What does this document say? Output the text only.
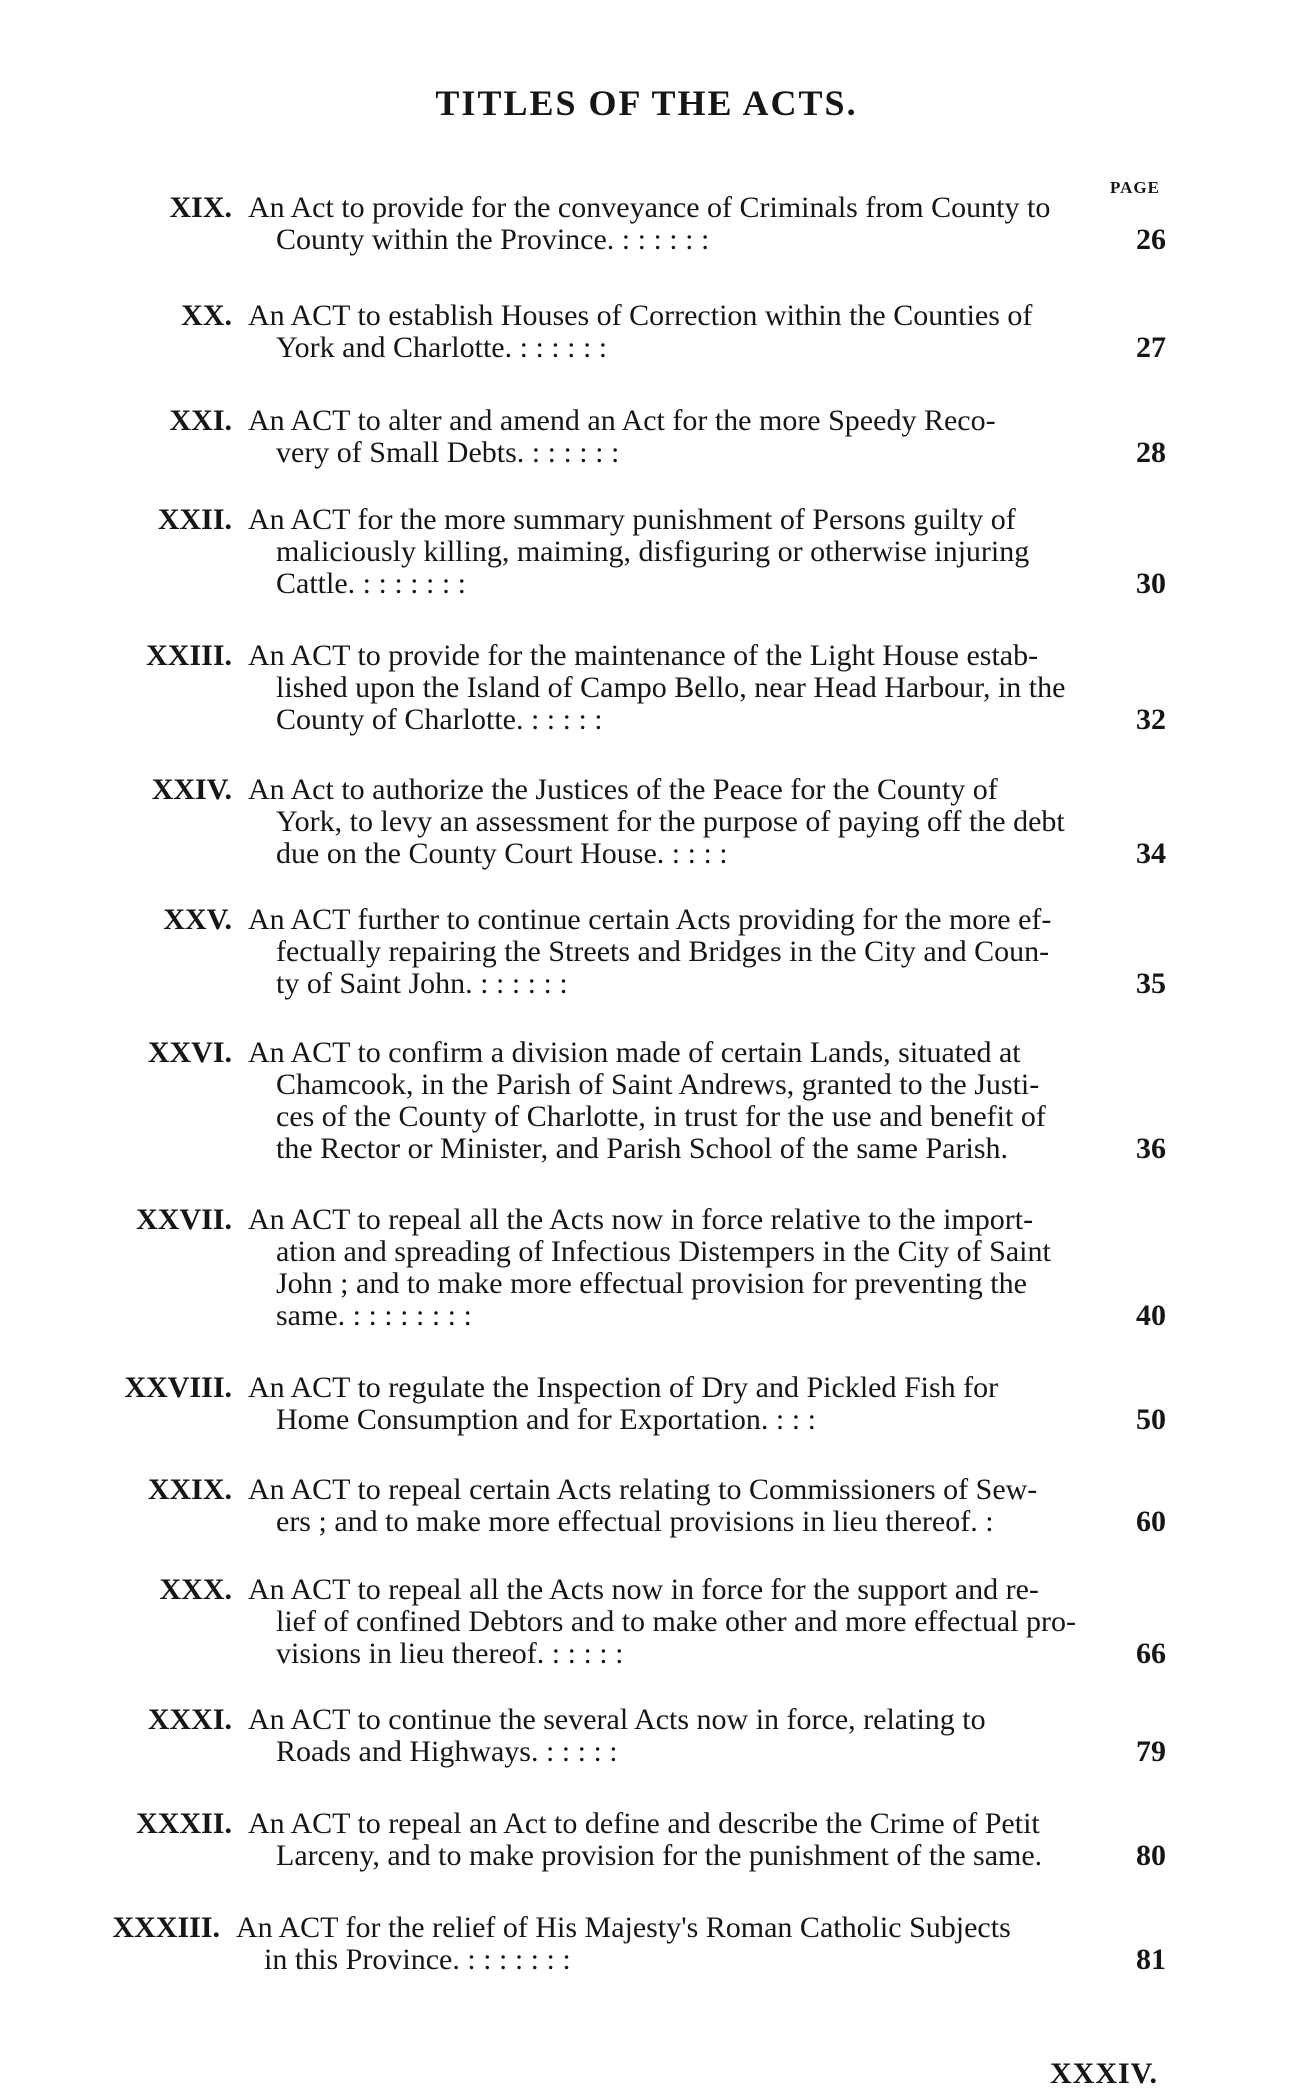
TITLES OF THE ACTS.
PAGE
XIX. An Act to provide for the conveyance of Criminals from County to
County within the Province. : : : : : :	26
XX. An ACT to establish Houses of Correction within the Counties of
York and Charlotte. : : : : : :	27
XXI. An ACT to alter and amend an Act for the more Speedy Reco-
very of Small Debts. : : : : : :	28
XXII. An ACT for the more summary punishment of Persons guilty of
maliciously killing, maiming, disfiguring or otherwise injuring
Cattle. : : : : : : :	30
XXIII. An ACT to provide for the maintenance of the Light House estab-
lished upon the Island of Campo Bello, near Head Harbour, in the
County of Charlotte. : : : : :	32
XXIV. An Act to authorize the Justices of the Peace for the County of
York, to levy an assessment for the purpose of paying off the debt
due on the County Court House. : : : :	34
XXV. An ACT further to continue certain Acts providing for the more ef-
fectually repairing the Streets and Bridges in the City and Coun-
ty of Saint John. : : : : : :	35
XXVI. An ACT to confirm a division made of certain Lands, situated at
Chamcook, in the Parish of Saint Andrews, granted to the Justi-
ces of the County of Charlotte, in trust for the use and benefit of
the Rector or Minister, and Parish School of the same Parish.	36
XXVII. An ACT to repeal all the Acts now in force relative to the import-
ation and spreading of Infectious Distempers in the City of Saint
John ; and to make more effectual provision for preventing the
same. : : : : : : : :	40
XXVIII. An ACT to regulate the Inspection of Dry and Pickled Fish for
Home Consumption and for Exportation. : : :	50
XXIX. An ACT to repeal certain Acts relating to Commissioners of Sew-
ers ; and to make more effectual provisions in lieu thereof. :	60
XXX. An ACT to repeal all the Acts now in force for the support and re-
lief of confined Debtors and to make other and more effectual pro-
visions in lieu thereof. : : : : :	66
XXXI. An ACT to continue the several Acts now in force, relating to
Roads and Highways. : : : : :	79
XXXII. An ACT to repeal an Act to define and describe the Crime of Petit
Larceny, and to make provision for the punishment of the same.	80
XXXIII. An ACT for the relief of His Majesty's Roman Catholic Subjects
in this Province. : : : : : : :	81
XXXIV.
